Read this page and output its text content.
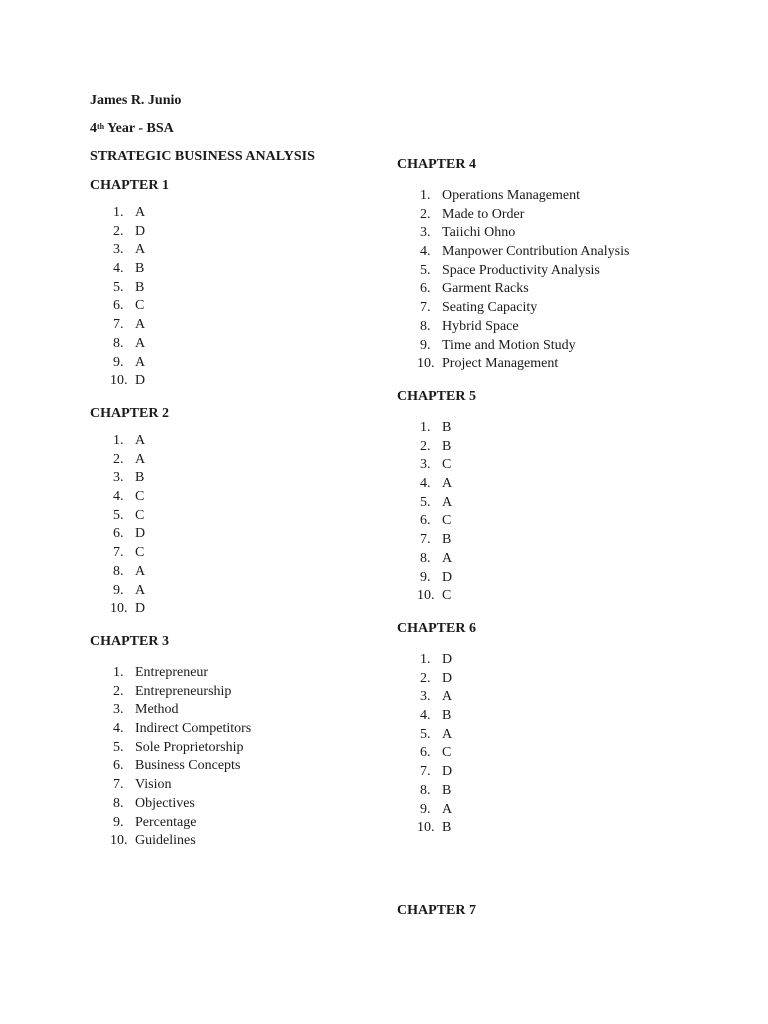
James R. Junio
4th Year - BSA
STRATEGIC BUSINESS ANALYSIS
CHAPTER 1
1. A
2. D
3. A
4. B
5. B
6. C
7. A
8. A
9. A
10. D
CHAPTER 2
1. A
2. A
3. B
4. C
5. C
6. D
7. C
8. A
9. A
10. D
CHAPTER 3
1. Entrepreneur
2. Entrepreneurship
3. Method
4. Indirect Competitors
5. Sole Proprietorship
6. Business Concepts
7. Vision
8. Objectives
9. Percentage
10. Guidelines
CHAPTER 4
1. Operations Management
2. Made to Order
3. Taiichi Ohno
4. Manpower Contribution Analysis
5. Space Productivity Analysis
6. Garment Racks
7. Seating Capacity
8. Hybrid Space
9. Time and Motion Study
10. Project Management
CHAPTER 5
1. B
2. B
3. C
4. A
5. A
6. C
7. B
8. A
9. D
10. C
CHAPTER 6
1. D
2. D
3. A
4. B
5. A
6. C
7. D
8. B
9. A
10. B
CHAPTER 7
